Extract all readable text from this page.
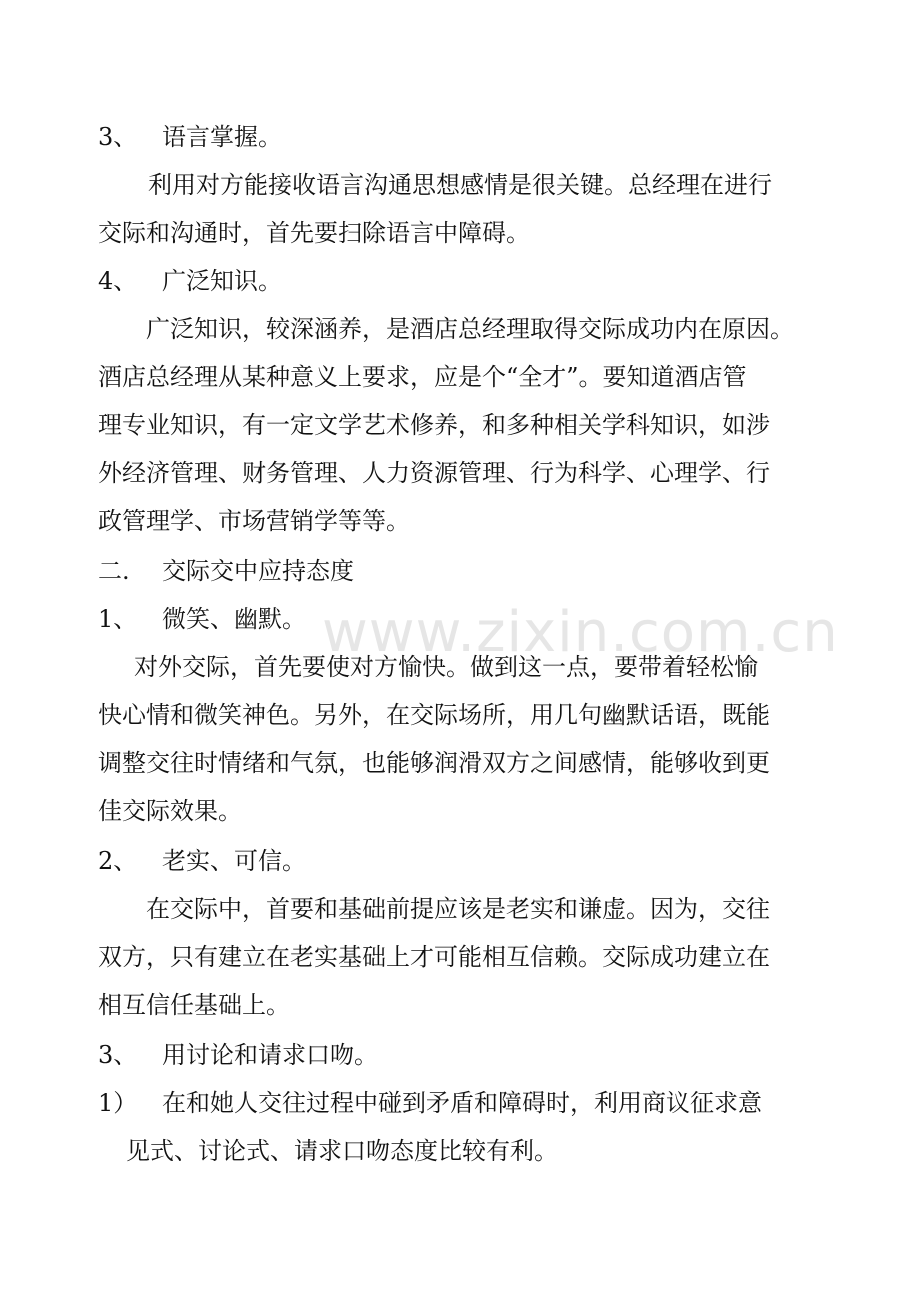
www.zixin.com.cn
3、 语言掌握。
利用对方能接收语言沟通思想感情是很关键。总经理在进行
交际和沟通时，首先要扫除语言中障碍。
4、 广泛知识。
广泛知识，较深涵养，是酒店总经理取得交际成功内在原因。
酒店总经理从某种意义上要求，应是个“全才”。要知道酒店管
理专业知识，有一定文学艺术修养，和多种相关学科知识，如涉
外经济管理、财务管理、人力资源管理、行为科学、心理学、行
政管理学、市场营销学等等。
二. 交际交中应持态度
1、 微笑、幽默。
对外交际，首先要使对方愉快。做到这一点，要带着轻松愉
快心情和微笑神色。另外，在交际场所，用几句幽默话语，既能
调整交往时情绪和气氛，也能够润滑双方之间感情，能够收到更
佳交际效果。
2、 老实、可信。
在交际中，首要和基础前提应该是老实和谦虚。因为，交往
双方，只有建立在老实基础上才可能相互信赖。交际成功建立在
相互信任基础上。
3、 用讨论和请求口吻。
1） 在和她人交往过程中碰到矛盾和障碍时，利用商议征求意
见式、讨论式、请求口吻态度比较有利。
